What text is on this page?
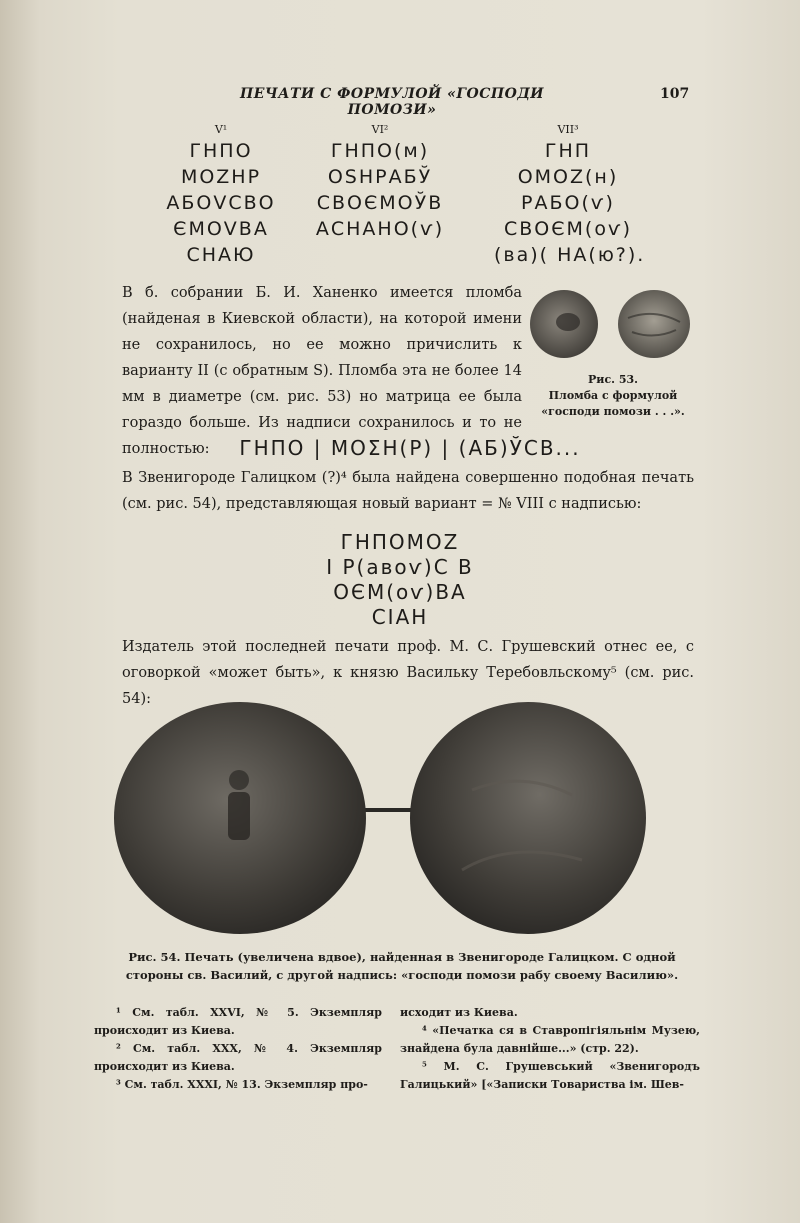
ПЕЧАТИ С ФОРМУЛОЙ «ГОСПОДИ ПОМОЗИ»
107
V¹
ГНПО
МОΖНР
АБОVСВО
ЄМОVВА
СНАЮ
VI²
ГНПО(м)
ОЅНРАБЎ
СВОЄМОЎВ
АСНАНО(ѵ)
VII³
ГНП
ОМОΖ(н)
РАБО(ѵ)
СВОЄМ(оѵ)
(ва)( НА(ю?).
В б. собрании Б. И. Ханенко имеется пломба (найденая в Киевской области), на которой имени не сохранилось, но ее можно причислить к варианту II (с обратным Ѕ). Пломба эта не более 14 мм в диаметре (см. рис. 53) но матрица ее была гораздо больше. Из надписи сохранилось и то не полностью:
Рис. 53.
Пломба с формулой «господи помози . . .».
ГНПО | МОΣН(Р) | (АБ)ЎСВ...
В Звенигороде Галицком (?)⁴ была найдена совершенно подобная печать (см. рис. 54), представляющая новый вариант = № VIII с надписью:
ГНПОМОΖ
І Р(авоѵ)С В
ОЄМ(оѵ)ВА
СІАН
Издатель этой последней печати проф. М. С. Грушевский отнес ее, с оговоркой «может быть», к князю Васильку Теребовльскому⁵ (см. рис. 54):
Рис. 54. Печать (увеличена вдвое), найденная в Звенигороде Галицком. С одной стороны св. Василий, с другой надпись: «господи помози рабу своему Василию».
¹ См. табл. XXVI, № 5. Экземпляр происходит из Киева.
² См. табл. XXX, № 4. Экземпляр происходит из Киева.
³ См. табл. XXXI, № 13. Экземпляр про-
исходит из Киева.
⁴ «Печатка ся в Ставропігіяльнім Музею, знайдена була давнійше...» (стр. 22).
⁵ М. С. Грушевський «Звенигородъ Галицький» [«Записки Товариства ім. Шев-
